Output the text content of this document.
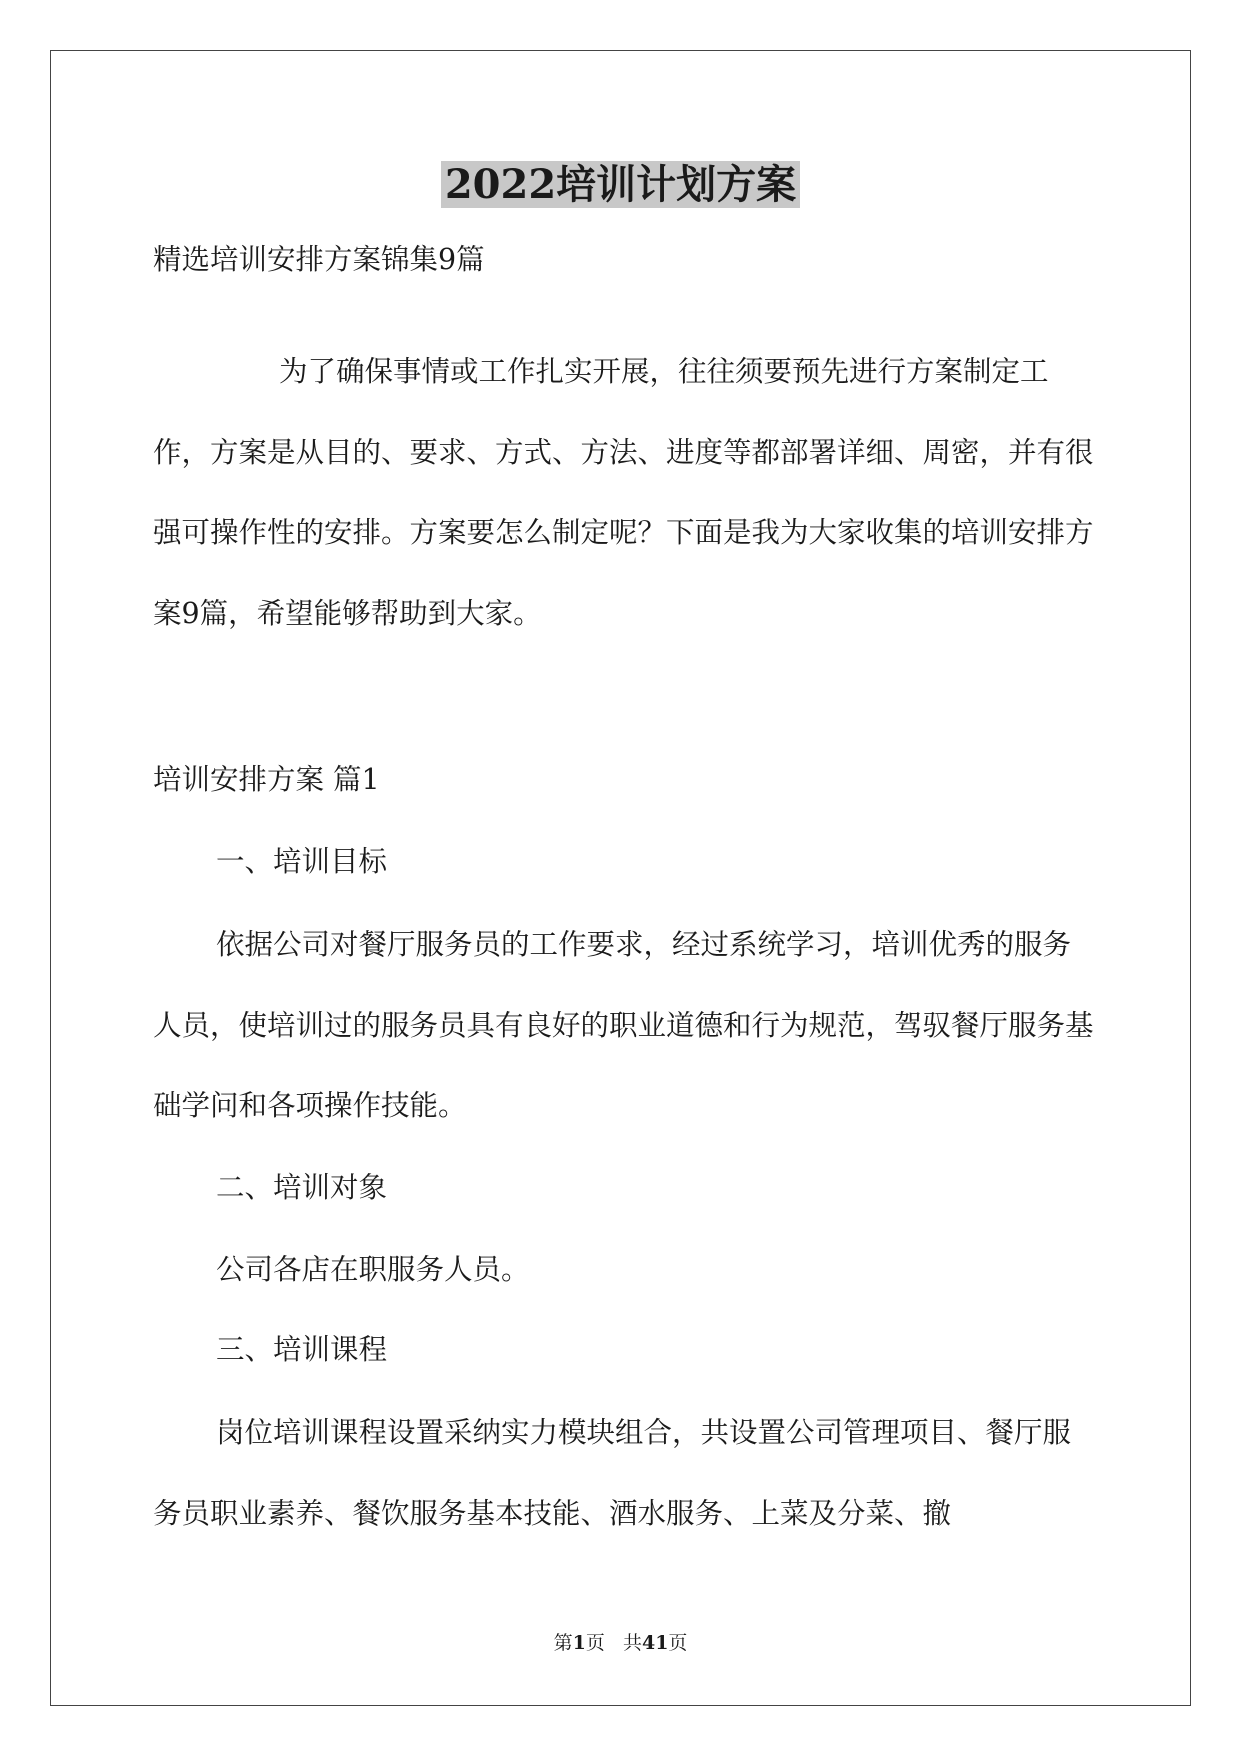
2022培训计划方案
精选培训安排方案锦集9篇

为了确保事情或工作扎实开展，往往须要预先进行方案制定工作，方案是从目的、要求、方式、方法、进度等都部署详细、周密，并有很强可操作性的安排。方案要怎么制定呢？下面是我为大家收集的培训安排方案9篇，希望能够帮助到大家。

培训安排方案 篇1
一、培训目标

依据公司对餐厅服务员的工作要求，经过系统学习，培训优秀的服务人员，使培训过的服务员具有良好的职业道德和行为规范，驾驭餐厅服务基础学问和各项操作技能。

二、培训对象
公司各店在职服务人员。
三、培训课程

岗位培训课程设置采纳实力模块组合，共设置公司管理项目、餐厅服务员职业素养、餐饮服务基本技能、酒水服务、上菜及分菜、撤

第1页 共41页
